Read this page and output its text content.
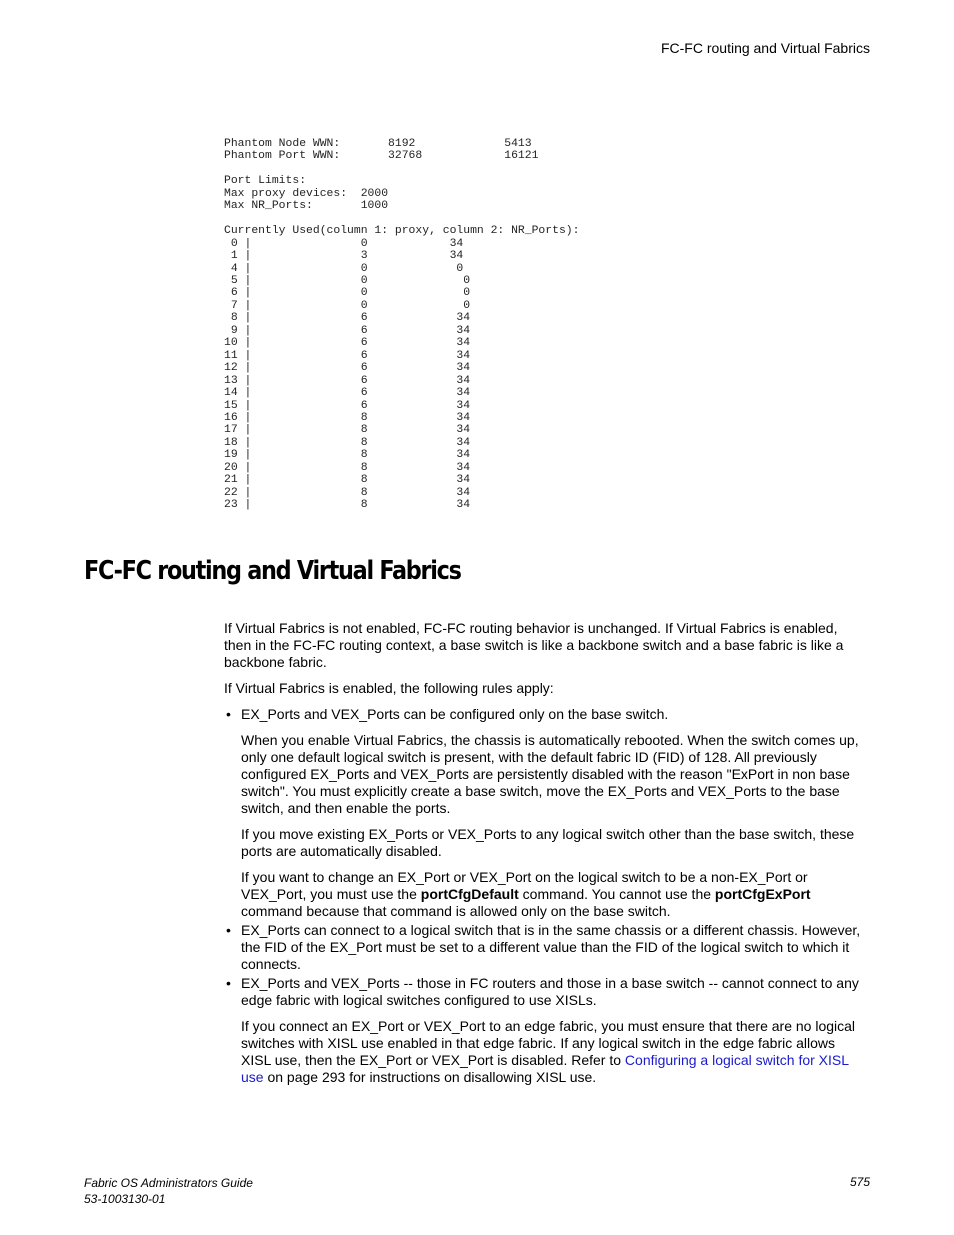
FC-FC routing and Virtual Fabrics
Phantom Node WWN:       8192             5413
Phantom Port WWN:       32768            16121

Port Limits:
Max proxy devices:  2000
Max NR_Ports:       1000

Currently Used(column 1: proxy, column 2: NR_Ports):
0 |                0            34
1 |                3            34
4 |                0             0
5 |                0              0
6 |                0              0
7 |                0              0
8 |                6             34
9 |                6             34
10 |                6             34
11 |                6             34
12 |                6             34
13 |                6             34
14 |                6             34
15 |                6             34
16 |                8             34
17 |                8             34
18 |                8             34
19 |                8             34
20 |                8             34
21 |                8             34
22 |                8             34
23 |                8             34
FC-FC routing and Virtual Fabrics

If Virtual Fabrics is not enabled, FC-FC routing behavior is unchanged. If Virtual Fabrics is enabled, then in the FC-FC routing context, a base switch is like a backbone switch and a base fabric is like a backbone fabric.

If Virtual Fabrics is enabled, the following rules apply:

• EX_Ports and VEX_Ports can be configured only on the base switch.

When you enable Virtual Fabrics, the chassis is automatically rebooted. When the switch comes up, only one default logical switch is present, with the default fabric ID (FID) of 128. All previously configured EX_Ports and VEX_Ports are persistently disabled with the reason "ExPort in non base switch". You must explicitly create a base switch, move the EX_Ports and VEX_Ports to the base switch, and then enable the ports.

If you move existing EX_Ports or VEX_Ports to any logical switch other than the base switch, these ports are automatically disabled.

If you want to change an EX_Port or VEX_Port on the logical switch to be a non-EX_Port or VEX_Port, you must use the portCfgDefault command. You cannot use the portCfgExPort command because that command is allowed only on the base switch.

• EX_Ports can connect to a logical switch that is in the same chassis or a different chassis. However, the FID of the EX_Port must be set to a different value than the FID of the logical switch to which it connects.

• EX_Ports and VEX_Ports -- those in FC routers and those in a base switch -- cannot connect to any edge fabric with logical switches configured to use XISLs.

If you connect an EX_Port or VEX_Port to an edge fabric, you must ensure that there are no logical switches with XISL use enabled in that edge fabric. If any logical switch in the edge fabric allows XISL use, then the EX_Port or VEX_Port is disabled. Refer to Configuring a logical switch for XISL use on page 293 for instructions on disallowing XISL use.

Fabric OS Administrators Guide
53-1003130-01
575
